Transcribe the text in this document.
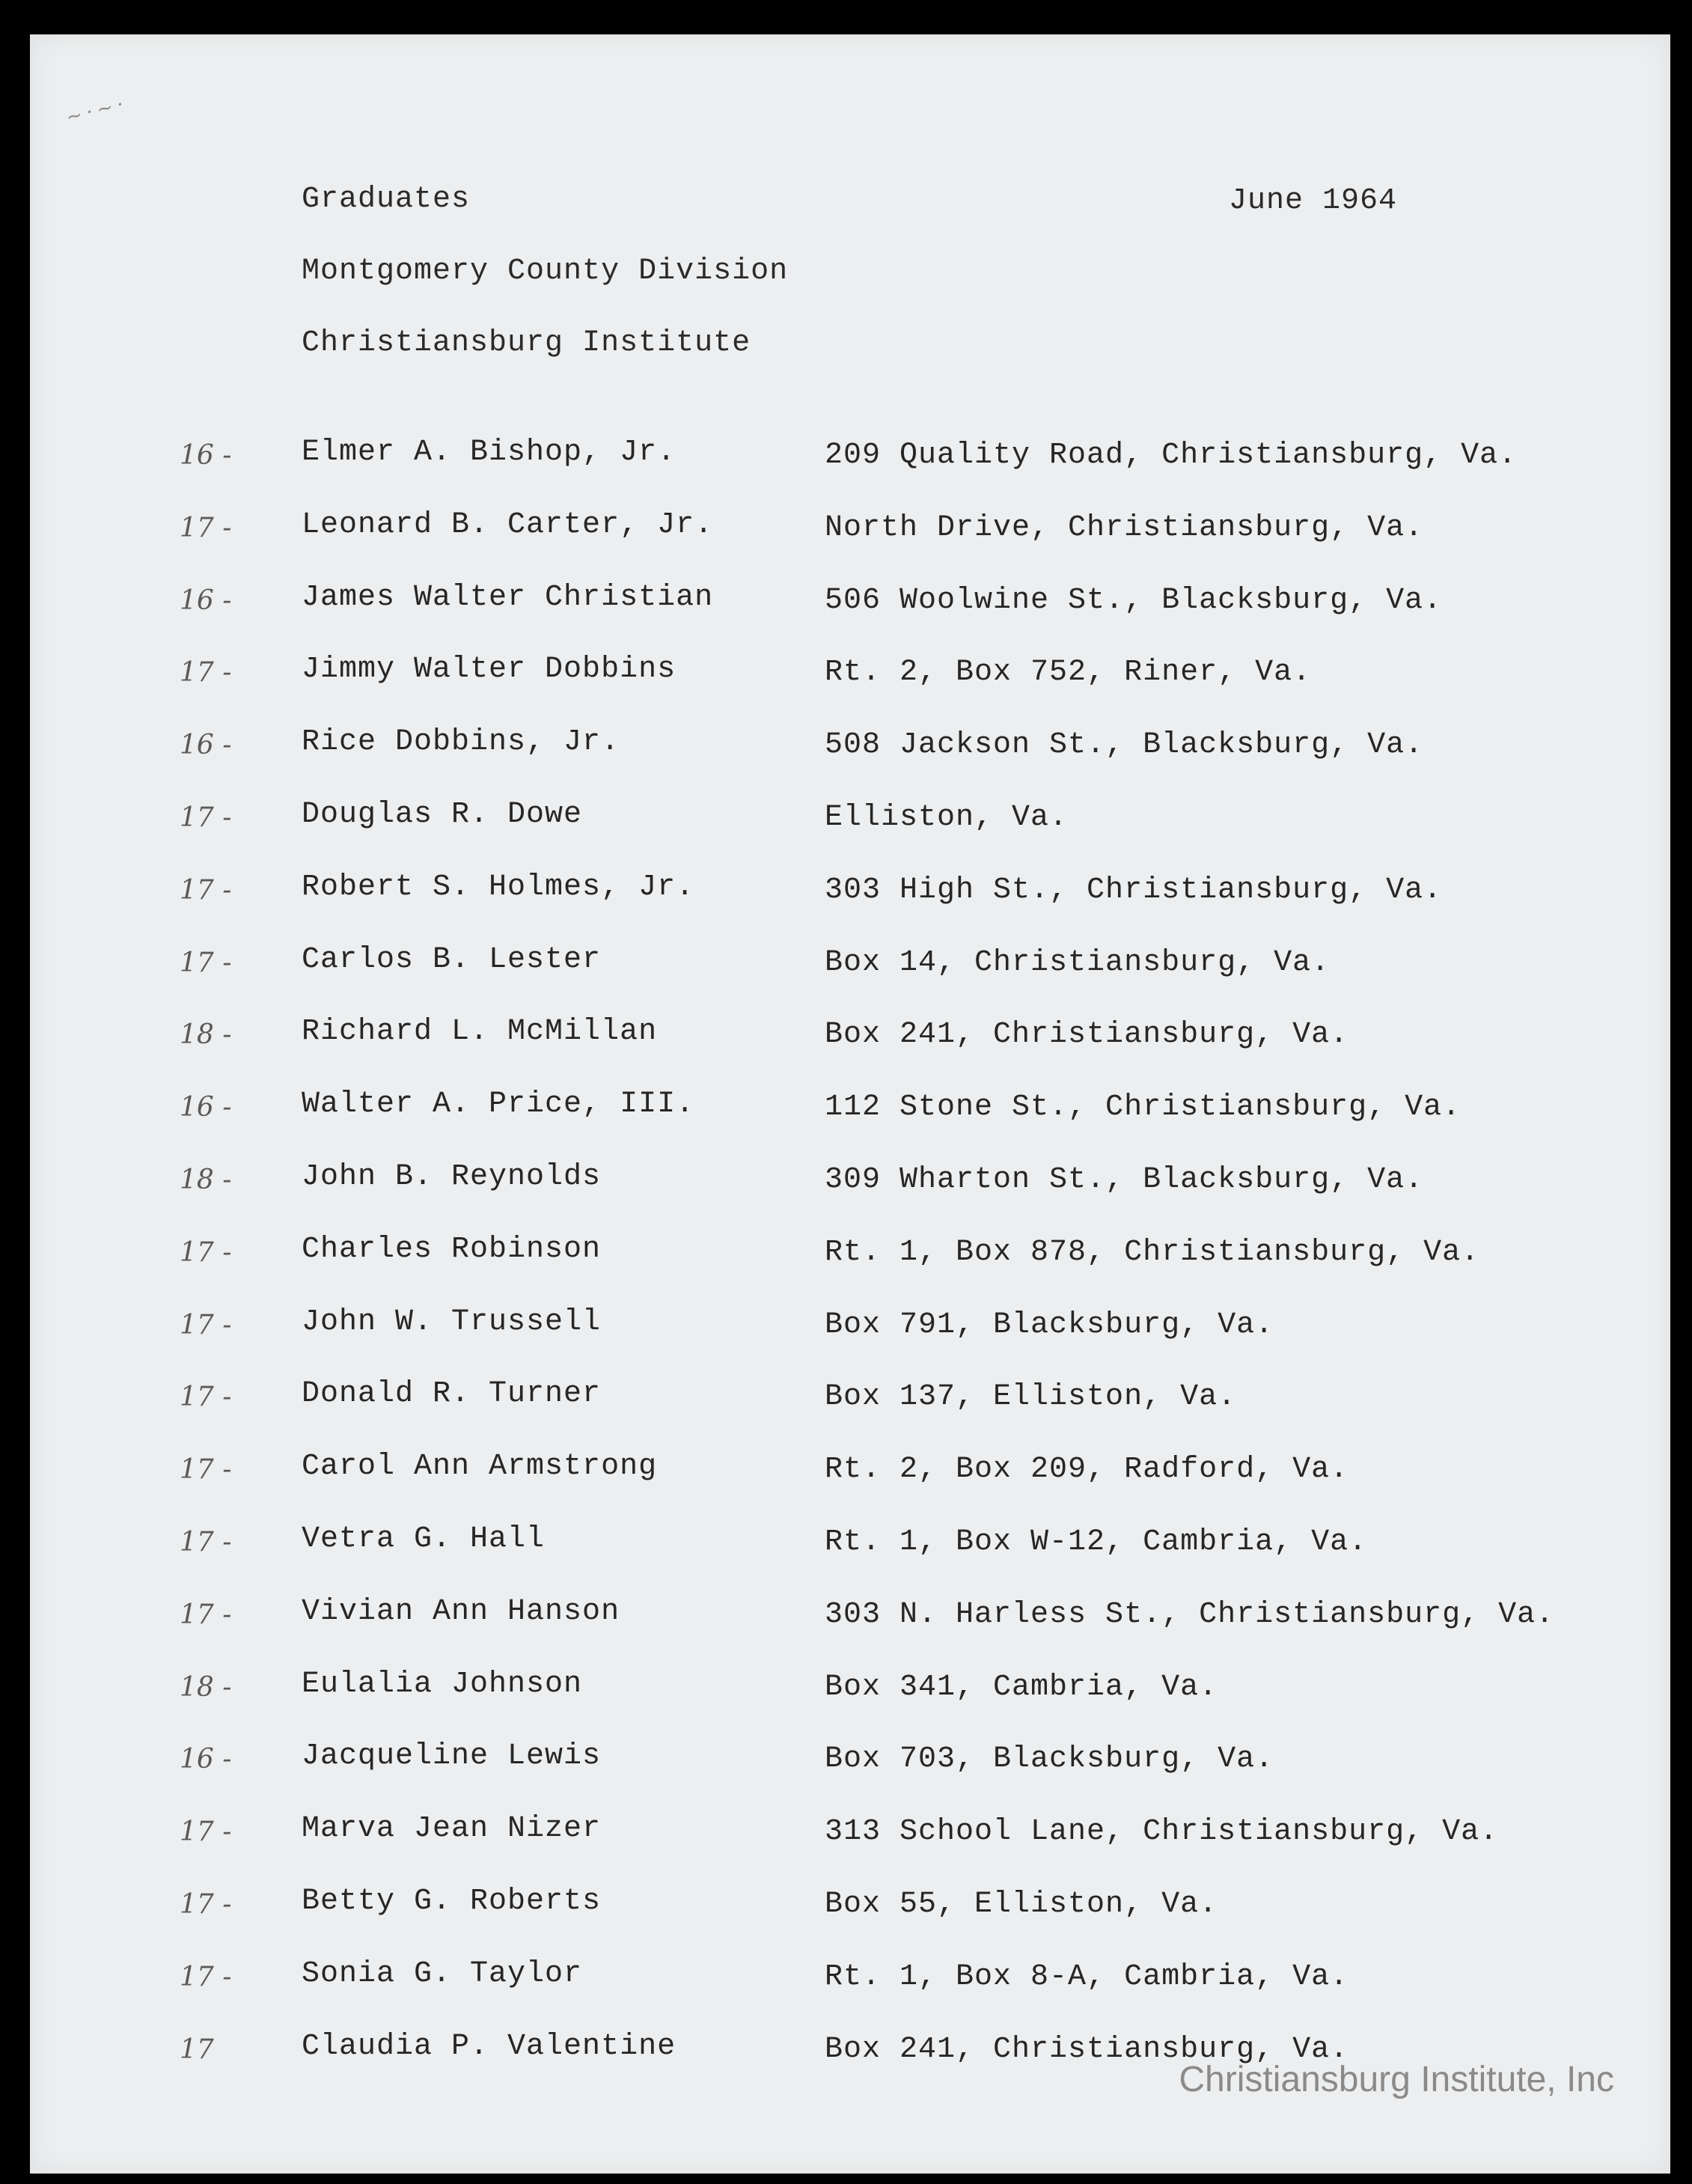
~·~·
Graduates	June 1964
Montgomery County Division
Christiansburg Institute
16 - Elmer A. Bishop, Jr.	209 Quality Road, Christiansburg, Va.
17 - Leonard B. Carter, Jr.	North Drive, Christiansburg, Va.
16 - James Walter Christian	506 Woolwine St., Blacksburg, Va.
17 - Jimmy Walter Dobbins	Rt. 2, Box 752, Riner, Va.
16 - Rice Dobbins, Jr.	508 Jackson St., Blacksburg, Va.
17 - Douglas R. Dowe	Elliston, Va.
17 - Robert S. Holmes, Jr.	303 High St., Christiansburg, Va.
17 - Carlos B. Lester	Box 14, Christiansburg, Va.
18 - Richard L. McMillan	Box 241, Christiansburg, Va.
16 - Walter A. Price, III.	112 Stone St., Christiansburg, Va.
18 - John B. Reynolds	309 Wharton St., Blacksburg, Va.
17 - Charles Robinson	Rt. 1, Box 878, Christiansburg, Va.
17 - John W. Trussell	Box 791, Blacksburg, Va.
17 - Donald R. Turner	Box 137, Elliston, Va.
17 - Carol Ann Armstrong	Rt. 2, Box 209, Radford, Va.
17 - Vetra G. Hall	Rt. 1, Box W-12, Cambria, Va.
17 - Vivian Ann Hanson	303 N. Harless St., Christiansburg, Va.
18 - Eulalia Johnson	Box 341, Cambria, Va.
16 - Jacqueline Lewis	Box 703, Blacksburg, Va.
17 - Marva Jean Nizer	313 School Lane, Christiansburg, Va.
17 - Betty G. Roberts	Box 55, Elliston, Va.
17 - Sonia G. Taylor	Rt. 1, Box 8-A, Cambria, Va.
17	Claudia P. Valentine	Box 241, Christiansburg, Va.
Christiansburg Institute, Inc
